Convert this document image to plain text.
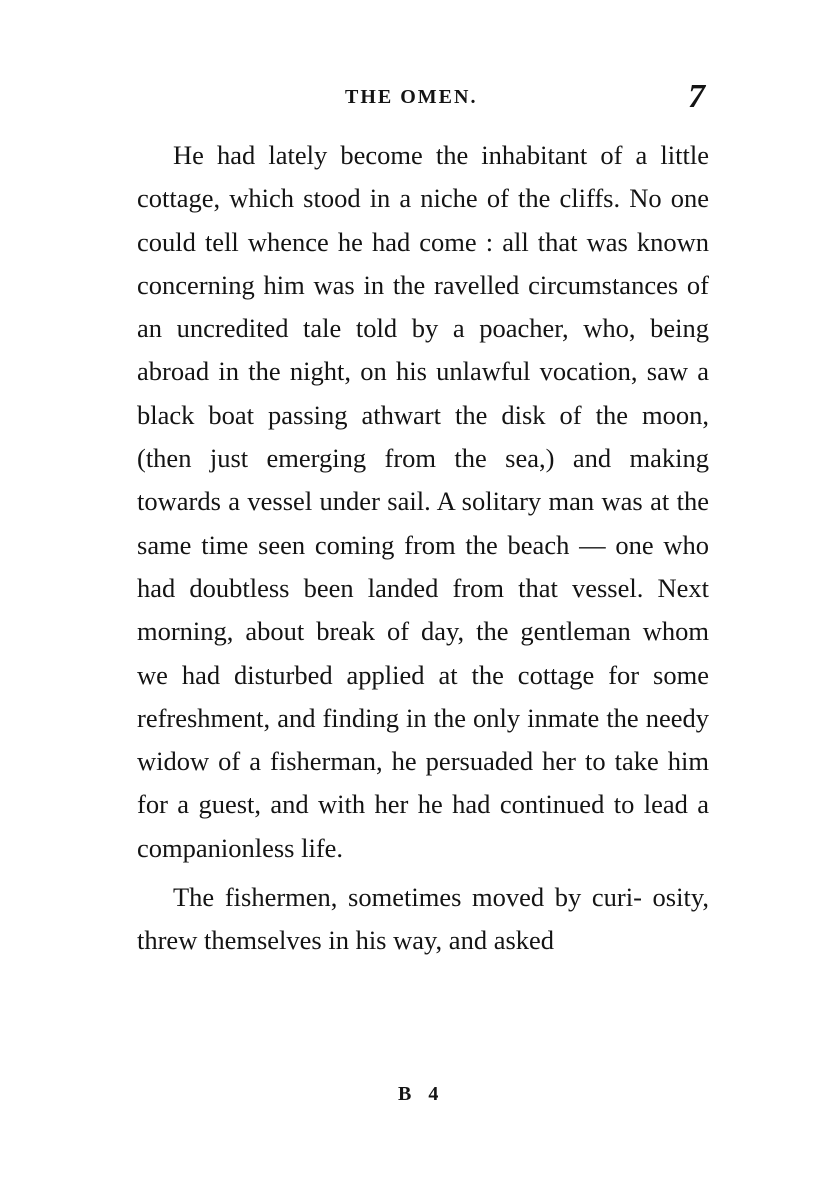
THE OMEN.	7

He had lately become the inhabitant of a little cottage, which stood in a niche of the cliffs. No one could tell whence he had come : all that was known concerning him was in the ravelled circumstances of an uncredited tale told by a poacher, who, being abroad in the night, on his unlawful vocation, saw a black boat passing athwart the disk of the moon, (then just emerging from the sea,) and making towards a vessel under sail. A solitary man was at the same time seen coming from the beach — one who had doubtless been landed from that vessel. Next morning, about break of day, the gentleman whom we had disturbed applied at the cottage for some refreshment, and finding in the only inmate the needy widow of a fisherman, he persuaded her to take him for a guest, and with her he had continued to lead a companionless life.

The fishermen, sometimes moved by curi- osity, threw themselves in his way, and asked

B 4
